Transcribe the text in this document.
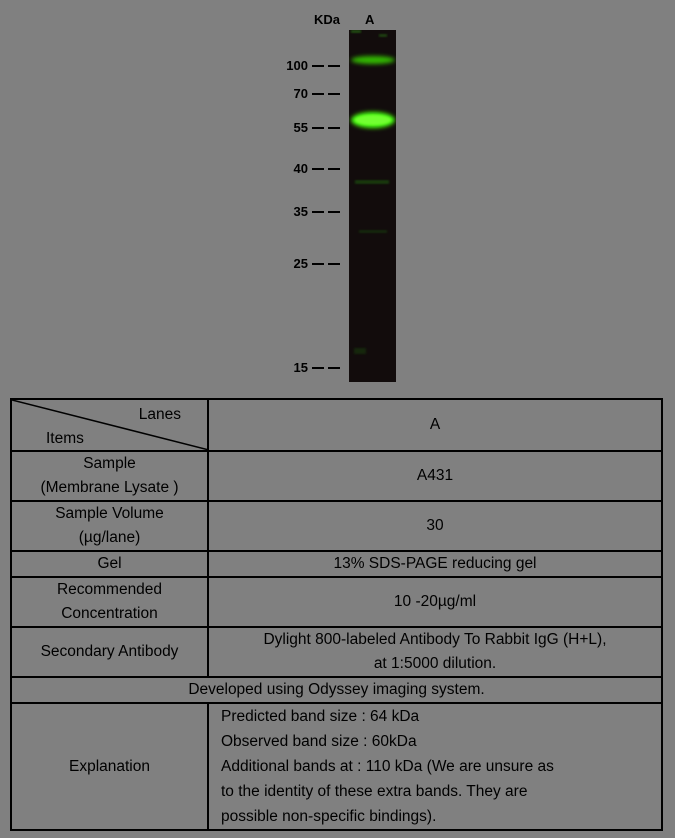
KDa A
100
70
55
40
35
25
15
Lanes
Items	A

Sample
(Membrane Lysate )	A431

Sample Volume
(µg/lane)	30
Gel	13% SDS-PAGE reducing gel

Recommended
Concentration	10 -20µg/ml
Secondary Antibody	Dylight 800-labeled Antibody To Rabbit IgG (H+L),
at 1:5000 dilution.

Developed using Odyssey imaging system.	
Explanation	Predicted band size : 64 kDa
Observed band size : 60kDa
Additional bands at : 110 kDa (We are unsure as
to the identity of these extra bands. They are
possible non-specific bindings).
